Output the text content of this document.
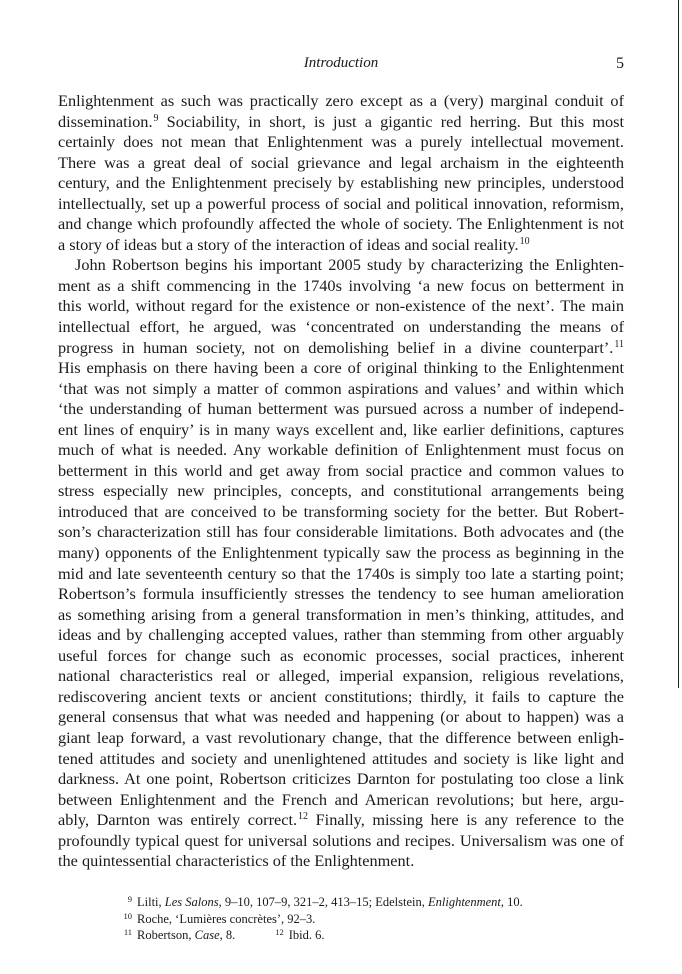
Introduction	5
Enlightenment as such was practically zero except as a (very) marginal conduit of
dissemination.$^9$ Sociability, in short, is just a gigantic red herring. But this most
certainly does not mean that Enlightenment was a purely intellectual movement.
There was a great deal of social grievance and legal archaism in the eighteenth
century, and the Enlightenment precisely by establishing new principles, understood
intellectually, set up a powerful process of social and political innovation, reformism,
and change which profoundly affected the whole of society. The Enlightenment is not
a story of ideas but a story of the interaction of ideas and social reality.$^{10}$
John Robertson begins his important 2005 study by characterizing the Enlighten-
ment as a shift commencing in the 1740s involving ‘a new focus on betterment in
this world, without regard for the existence or non-existence of the next’. The main
intellectual effort, he argued, was ‘concentrated on understanding the means of
progress in human society, not on demolishing belief in a divine counterpart’.$^{11}$
His emphasis on there having been a core of original thinking to the Enlightenment
‘that was not simply a matter of common aspirations and values’ and within which
‘the understanding of human betterment was pursued across a number of independ-
ent lines of enquiry’ is in many ways excellent and, like earlier definitions, captures
much of what is needed. Any workable definition of Enlightenment must focus on
betterment in this world and get away from social practice and common values to
stress especially new principles, concepts, and constitutional arrangements being
introduced that are conceived to be transforming society for the better. But Robert-
son’s characterization still has four considerable limitations. Both advocates and (the
many) opponents of the Enlightenment typically saw the process as beginning in the
mid and late seventeenth century so that the 1740s is simply too late a starting point;
Robertson’s formula insufficiently stresses the tendency to see human amelioration
as something arising from a general transformation in men’s thinking, attitudes, and
ideas and by challenging accepted values, rather than stemming from other arguably
useful forces for change such as economic processes, social practices, inherent
national characteristics real or alleged, imperial expansion, religious revelations,
rediscovering ancient texts or ancient constitutions; thirdly, it fails to capture the
general consensus that what was needed and happening (or about to happen) was a
giant leap forward, a vast revolutionary change, that the difference between enligh-
tened attitudes and society and unenlightened attitudes and society is like light and
darkness. At one point, Robertson criticizes Darnton for postulating too close a link
between Enlightenment and the French and American revolutions; but here, argu-
ably, Darnton was entirely correct.$^{12}$ Finally, missing here is any reference to the
profoundly typical quest for universal solutions and recipes. Universalism was one of
the quintessential characteristics of the Enlightenment.
9 Lilti, Les Salons, 9–10, 107–9, 321–2, 413–15; Edelstein, Enlightenment, 10.
10 Roche, ‘Lumières concrètes’, 92–3.
11 Robertson, Case, 8.	$^{12}$ Ibid. 6.
